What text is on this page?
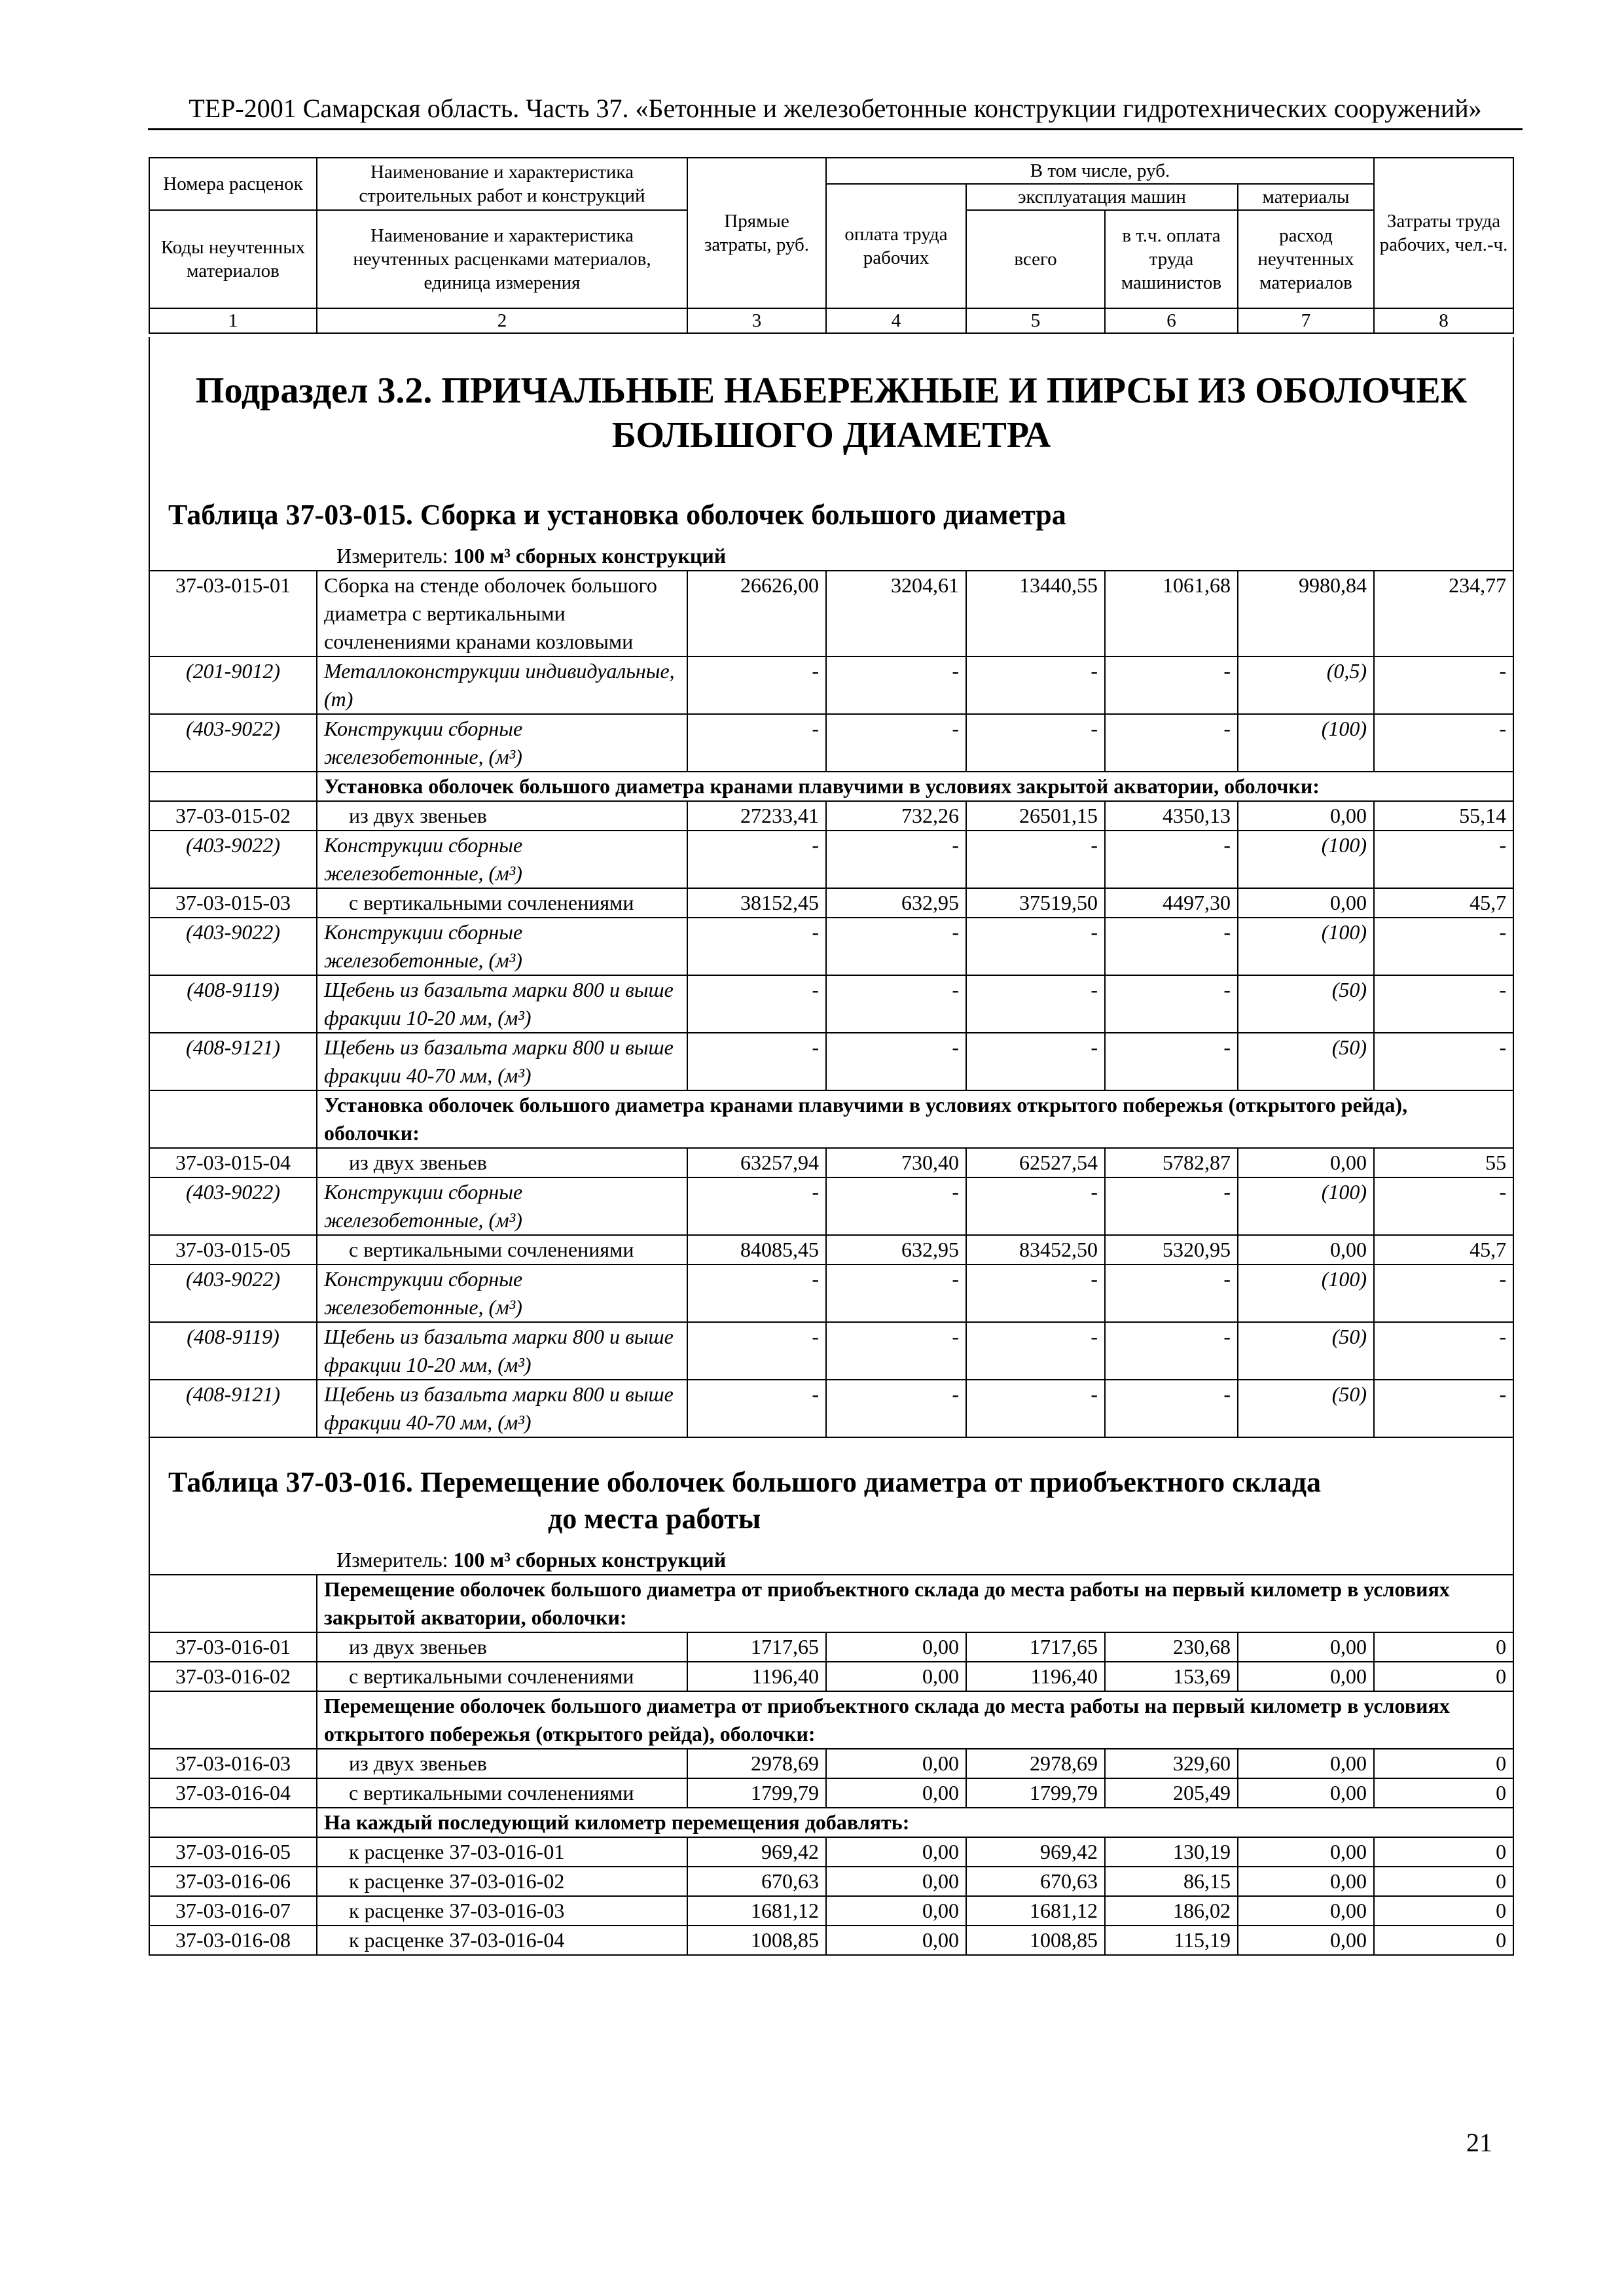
ТЕР-2001 Самарская область. Часть 37. «Бетонные и железобетонные конструкции гидротехнических сооружений»
Номера расценок	Наименование и характеристика строительных работ и конструкций	Прямые затраты, руб.	В том числе, руб.				Затраты труда рабочих, чел.-ч.
			оплата труда рабочих	эксплуатация машин		материалы	
Коды неучтенных материалов	Наименование и характеристика неучтенных расценками материалов, единица измерения			всего	в т.ч. оплата труда машинистов	расход неучтенных материалов	

1	2	3	4	5	6	7	8
Подраздел 3.2. ПРИЧАЛЬНЫЕ НАБЕРЕЖНЫЕ И ПИРСЫ ИЗ ОБОЛОЧЕК БОЛЬШОГО ДИАМЕТРА
Таблица 37-03-015. Сборка и установка оболочек большого диаметра
Измеритель: 100 м³ сборных конструкций							

37-03-015-01	Сборка на стенде оболочек большого диаметра с вертикальными сочленениями кранами козловыми	26626,00	3204,61	13440,55	1061,68	9980,84	234,77
(201-9012)	Металлоконструкции индивидуальные, (т)	-	-	-	-	(0,5)	-
(403-9022)	Конструкции сборные железобетонные, (м³)	-	-	-	-	(100)	-
	Установка оболочек большого диаметра кранами плавучими в условиях закрытой акватории, оболочки:						
37-03-015-02	из двух звеньев	27233,41	732,26	26501,15	4350,13	0,00	55,14
(403-9022)	Конструкции сборные железобетонные, (м³)	-	-	-	-	(100)	-
37-03-015-03	с вертикальными сочленениями	38152,45	632,95	37519,50	4497,30	0,00	45,7
(403-9022)	Конструкции сборные железобетонные, (м³)	-	-	-	-	(100)	-
(408-9119)	Щебень из базальта марки 800 и выше фракции 10-20 мм, (м³)	-	-	-	-	(50)	-
(408-9121)	Щебень из базальта марки 800 и выше фракции 40-70 мм, (м³)	-	-	-	-	(50)	-
	Установка оболочек большого диаметра кранами плавучими в условиях открытого побережья (открытого рейда), оболочки:						
37-03-015-04	из двух звеньев	63257,94	730,40	62527,54	5782,87	0,00	55
(403-9022)	Конструкции сборные железобетонные, (м³)	-	-	-	-	(100)	-
37-03-015-05	с вертикальными сочленениями	84085,45	632,95	83452,50	5320,95	0,00	45,7
(403-9022)	Конструкции сборные железобетонные, (м³)	-	-	-	-	(100)	-
(408-9119)	Щебень из базальта марки 800 и выше фракции 10-20 мм, (м³)	-	-	-	-	(50)	-
(408-9121)	Щебень из базальта марки 800 и выше фракции 40-70 мм, (м³)	-	-	-	-	(50)	-

Таблица 37-03-016. Перемещение оболочек большого диаметра от приобъектного склада
до места работы
Измеритель: 100 м³ сборных конструкций							

	Перемещение оболочек большого диаметра от приобъектного склада до места работы на первый километр в условиях закрытой акватории, оболочки:						
37-03-016-01	из двух звеньев	1717,65	0,00	1717,65	230,68	0,00	0
37-03-016-02	с вертикальными сочленениями	1196,40	0,00	1196,40	153,69	0,00	0
	Перемещение оболочек большого диаметра от приобъектного склада до места работы на первый километр в условиях открытого побережья (открытого рейда), оболочки:						
37-03-016-03	из двух звеньев	2978,69	0,00	2978,69	329,60	0,00	0
37-03-016-04	с вертикальными сочленениями	1799,79	0,00	1799,79	205,49	0,00	0
	На каждый последующий километр перемещения добавлять:						
37-03-016-05	к расценке 37-03-016-01	969,42	0,00	969,42	130,19	0,00	0
37-03-016-06	к расценке 37-03-016-02	670,63	0,00	670,63	86,15	0,00	0
37-03-016-07	к расценке 37-03-016-03	1681,12	0,00	1681,12	186,02	0,00	0
37-03-016-08	к расценке 37-03-016-04	1008,85	0,00	1008,85	115,19	0,00	0
21
